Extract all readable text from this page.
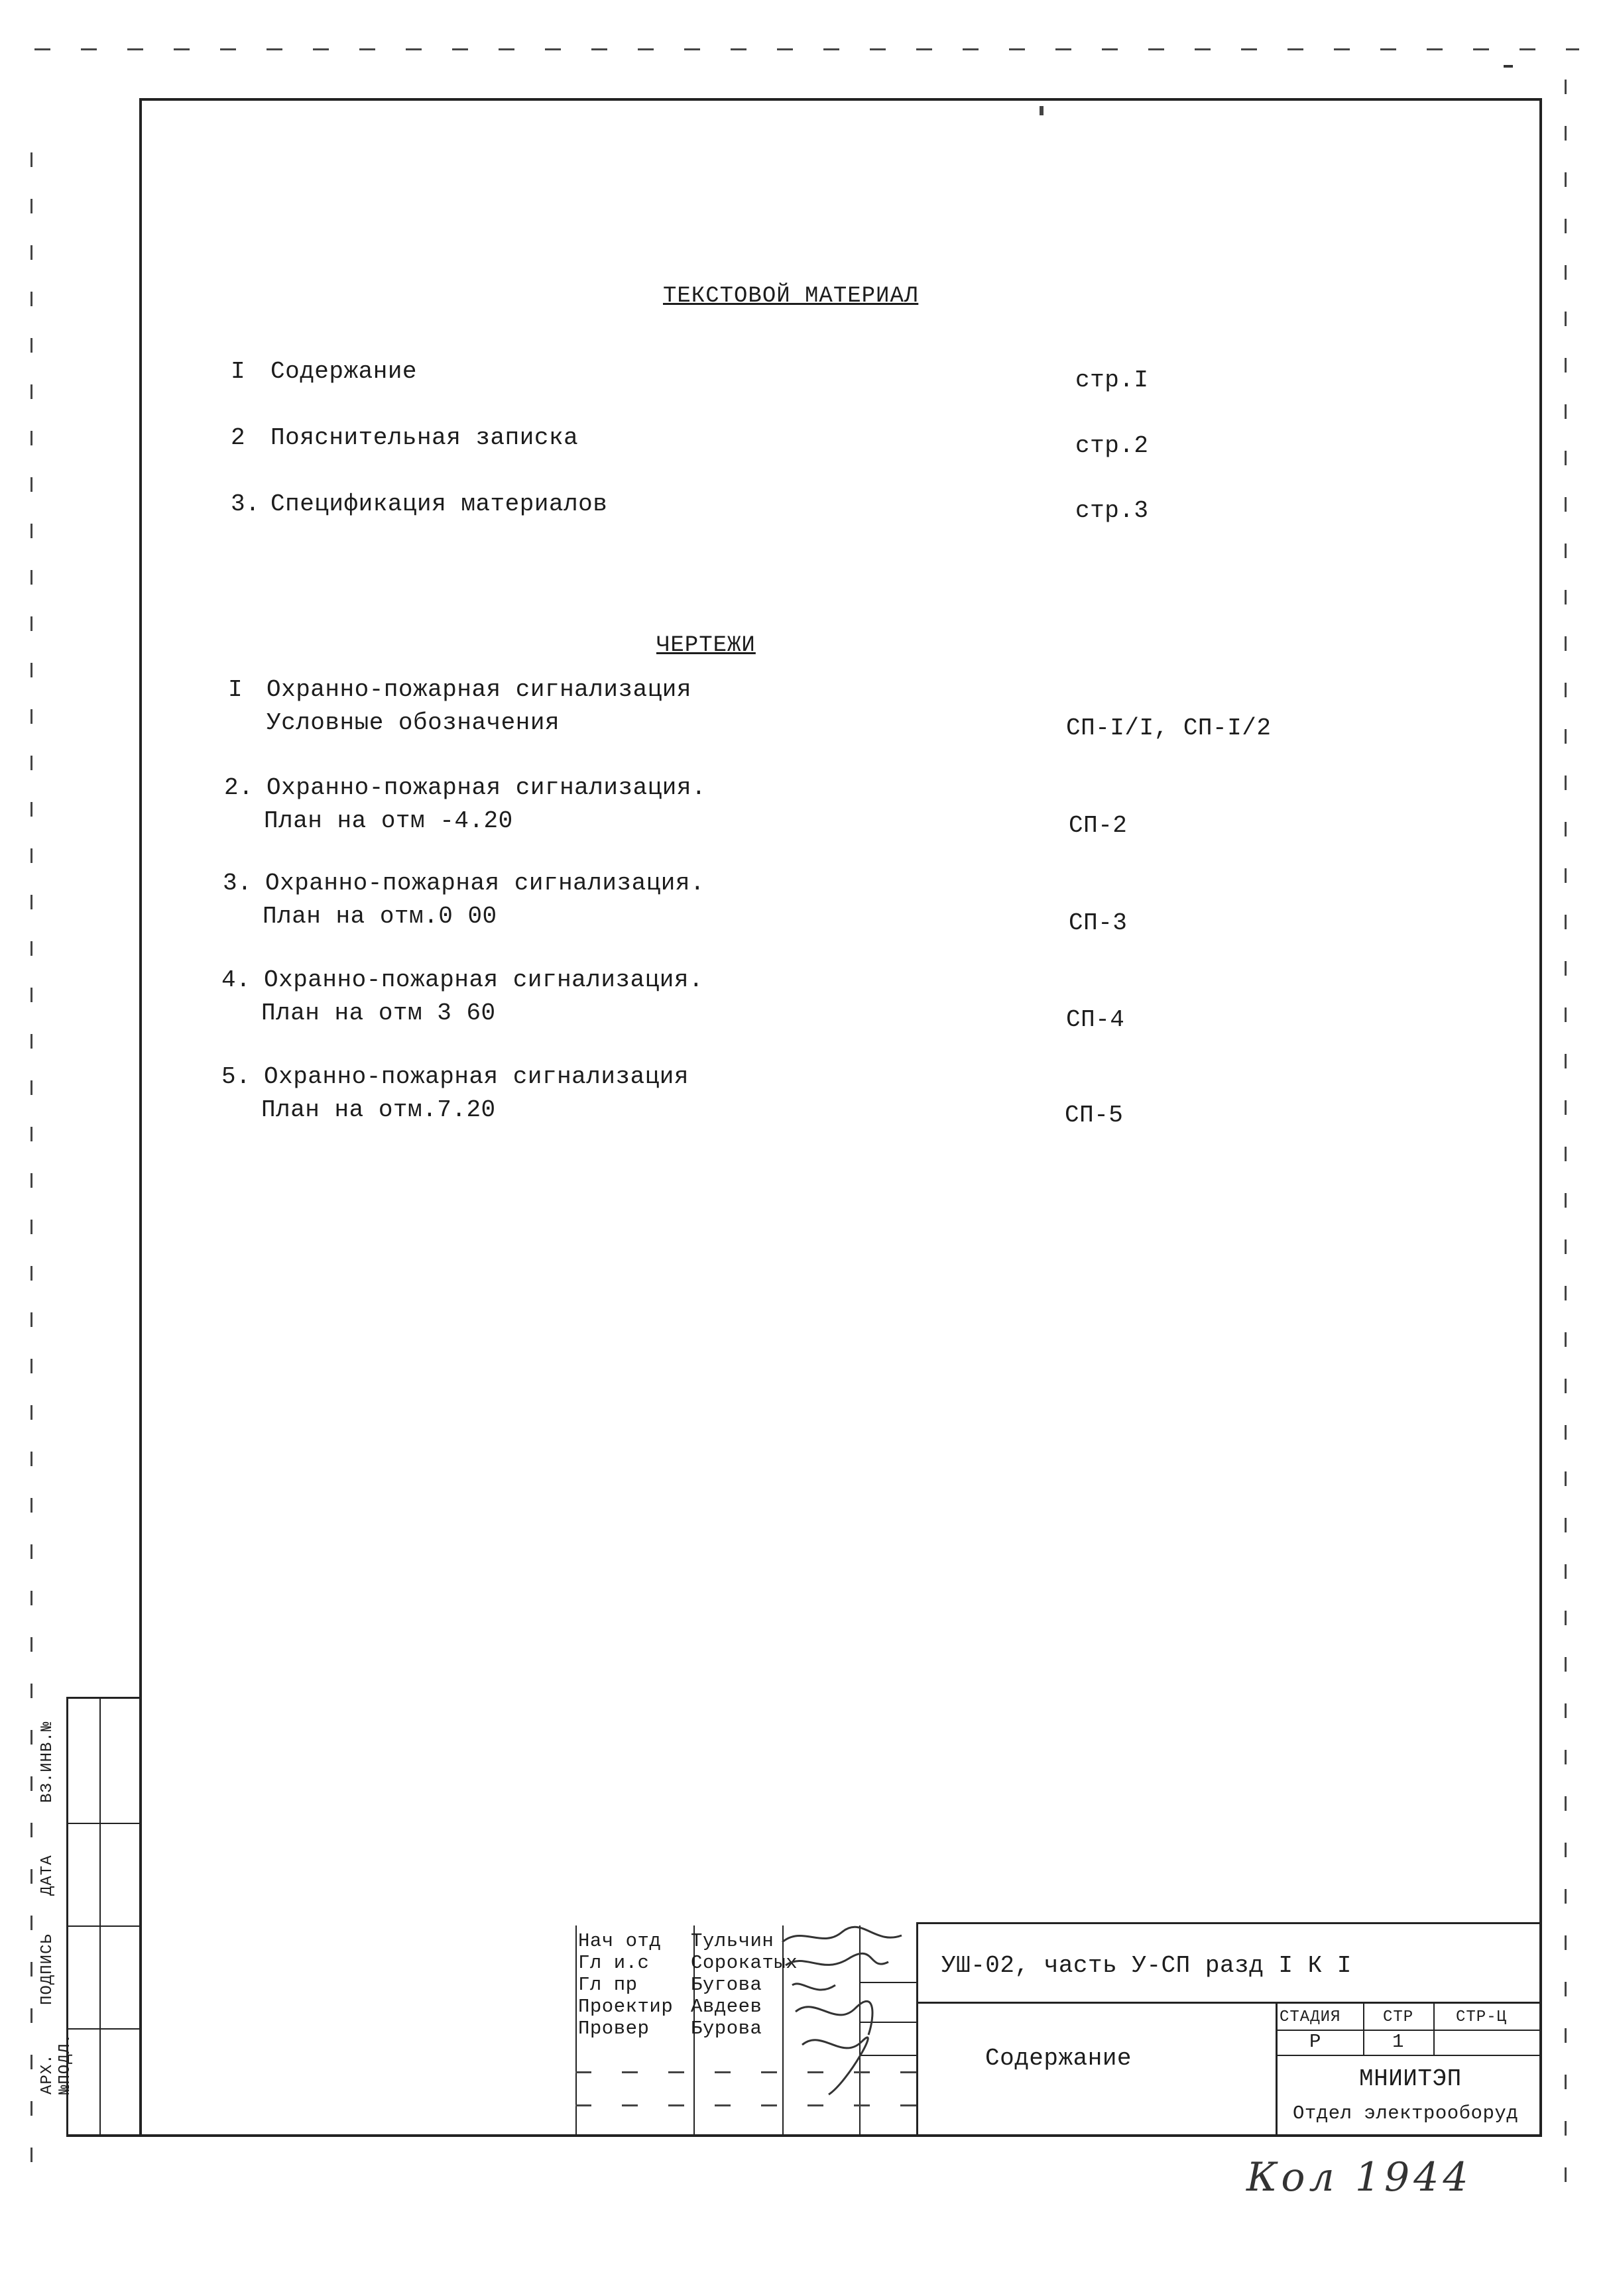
АРХ.№ПОДЛ.
ПОДПИСЬ
ДАТА
ВЗ.ИНВ.№
ТЕКСТОВОЙ МАТЕРИАЛ
I Содержание	стр.I
2 Пояснительная записка	стр.2
3. Спецификация материалов	стр.3
ЧЕРТЕЖИ
I Охранно-пожарная сигнализация
Условные обозначения	СП-I/I, СП-I/2
2. Охранно-пожарная сигнализация.
План на отм -4.20	СП-2
3. Охранно-пожарная сигнализация.
План на отм.0 00	СП-3
4. Охранно-пожарная сигнализация.
План на отм 3 60	СП-4
5. Охранно-пожарная сигнализация
План на отм.7.20	СП-5
Нач отд Тульчин
Гл и.с Сорокатых
Гл пр	Бугова
Проектир Авдеев
Провер Бурова
УШ-02, часть У-СП разд I К I
Содержание
СТАДИЯ	СТР	СТР-Ц
Р	1
МНИИТЭП
Отдел электрооборуд
Кол 1944
